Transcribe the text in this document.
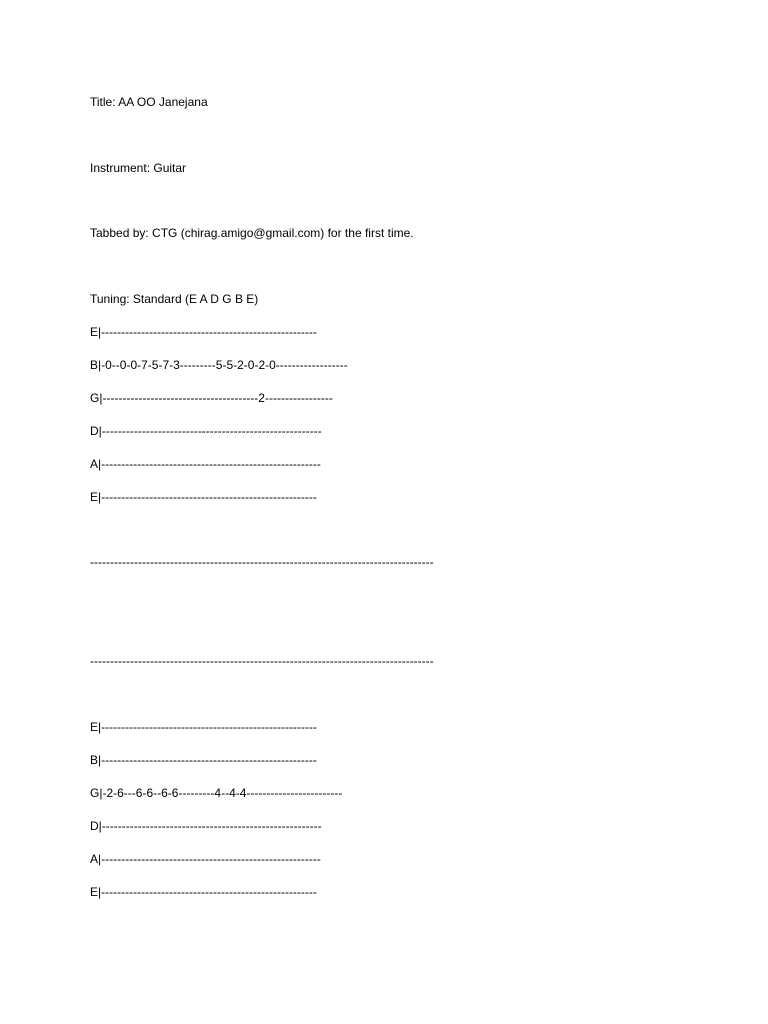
Title: AA OO Janejana
Instrument: Guitar
Tabbed by: CTG (chirag.amigo@gmail.com) for the first time.
Tuning: Standard (E A D G B E)
E|------------------------------------------------------
B|-0--0-0-7-5-7-3---------5-5-2-0-2-0------------------
G|---------------------------------------2-----------------
D|-------------------------------------------------------
A|-------------------------------------------------------
E|------------------------------------------------------
--------------------------------------------------------------------------------------
--------------------------------------------------------------------------------------
E|------------------------------------------------------
B|------------------------------------------------------
G|-2-6---6-6--6-6---------4--4-4------------------------
D|-------------------------------------------------------
A|-------------------------------------------------------
E|------------------------------------------------------
